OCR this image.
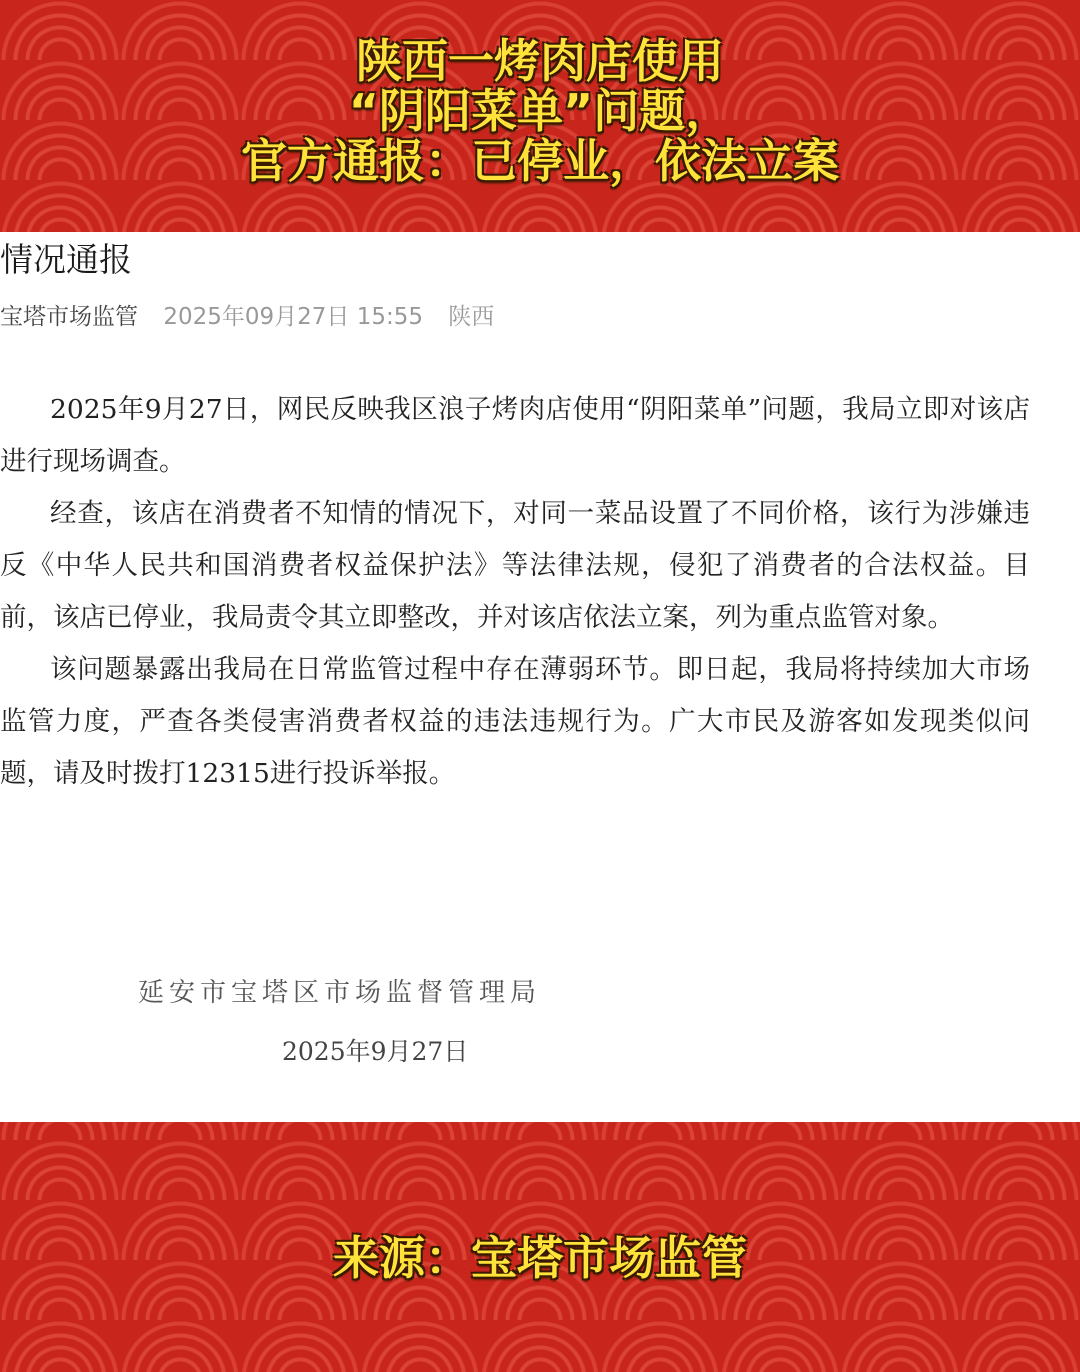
陕西一烤肉店使用
“阴阳菜单”问题，
官方通报：已停业，依法立案
情况通报
宝塔市场监管 2025年09月27日 15:55 陕西

2025年9月27日，网民反映我区浪子烤肉店使用“阴阳菜单”问题，我局立即对该店进行现场调查。

经查，该店在消费者不知情的情况下，对同一菜品设置了不同价格，该行为涉嫌违反《中华人民共和国消费者权益保护法》等法律法规，侵犯了消费者的合法权益。目前，该店已停业，我局责令其立即整改，并对该店依法立案，列为重点监管对象。

该问题暴露出我局在日常监管过程中存在薄弱环节。即日起，我局将持续加大市场监管力度，严查各类侵害消费者权益的违法违规行为。广大市民及游客如发现类似问题，请及时拨打12315进行投诉举报。

延安市宝塔区市场监督管理局
2025年9月27日
来源：宝塔市场监管
